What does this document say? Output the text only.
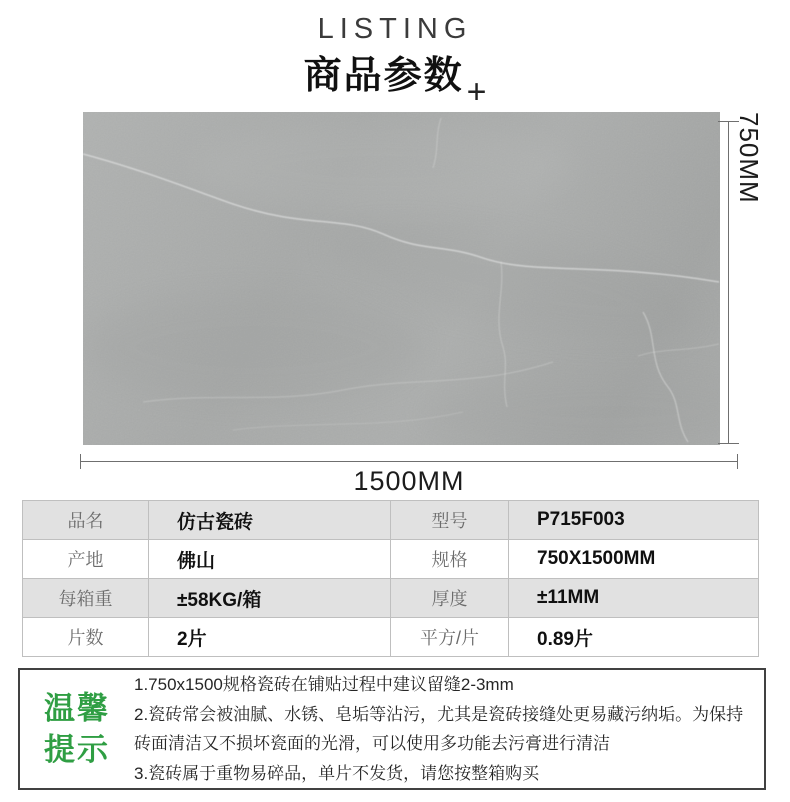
LISTING
商品参数+
750MM
1500MM
品名	仿古瓷砖	型号	P715F003
产地	佛山	规格	750X1500MM
每箱重	±58KG/箱	厚度	±11MM
片数	2片	平方/片	0.89片
温馨
提示
1.750x1500规格瓷砖在铺贴过程中建议留缝2-3mm
2.瓷砖常会被油腻、水锈、皂垢等沾污，尤其是瓷砖接缝处更易藏污纳垢。为保持砖面清洁又不损坏瓷面的光滑，可以使用多功能去污膏进行清洁
3.瓷砖属于重物易碎品，单片不发货，请您按整箱购买
